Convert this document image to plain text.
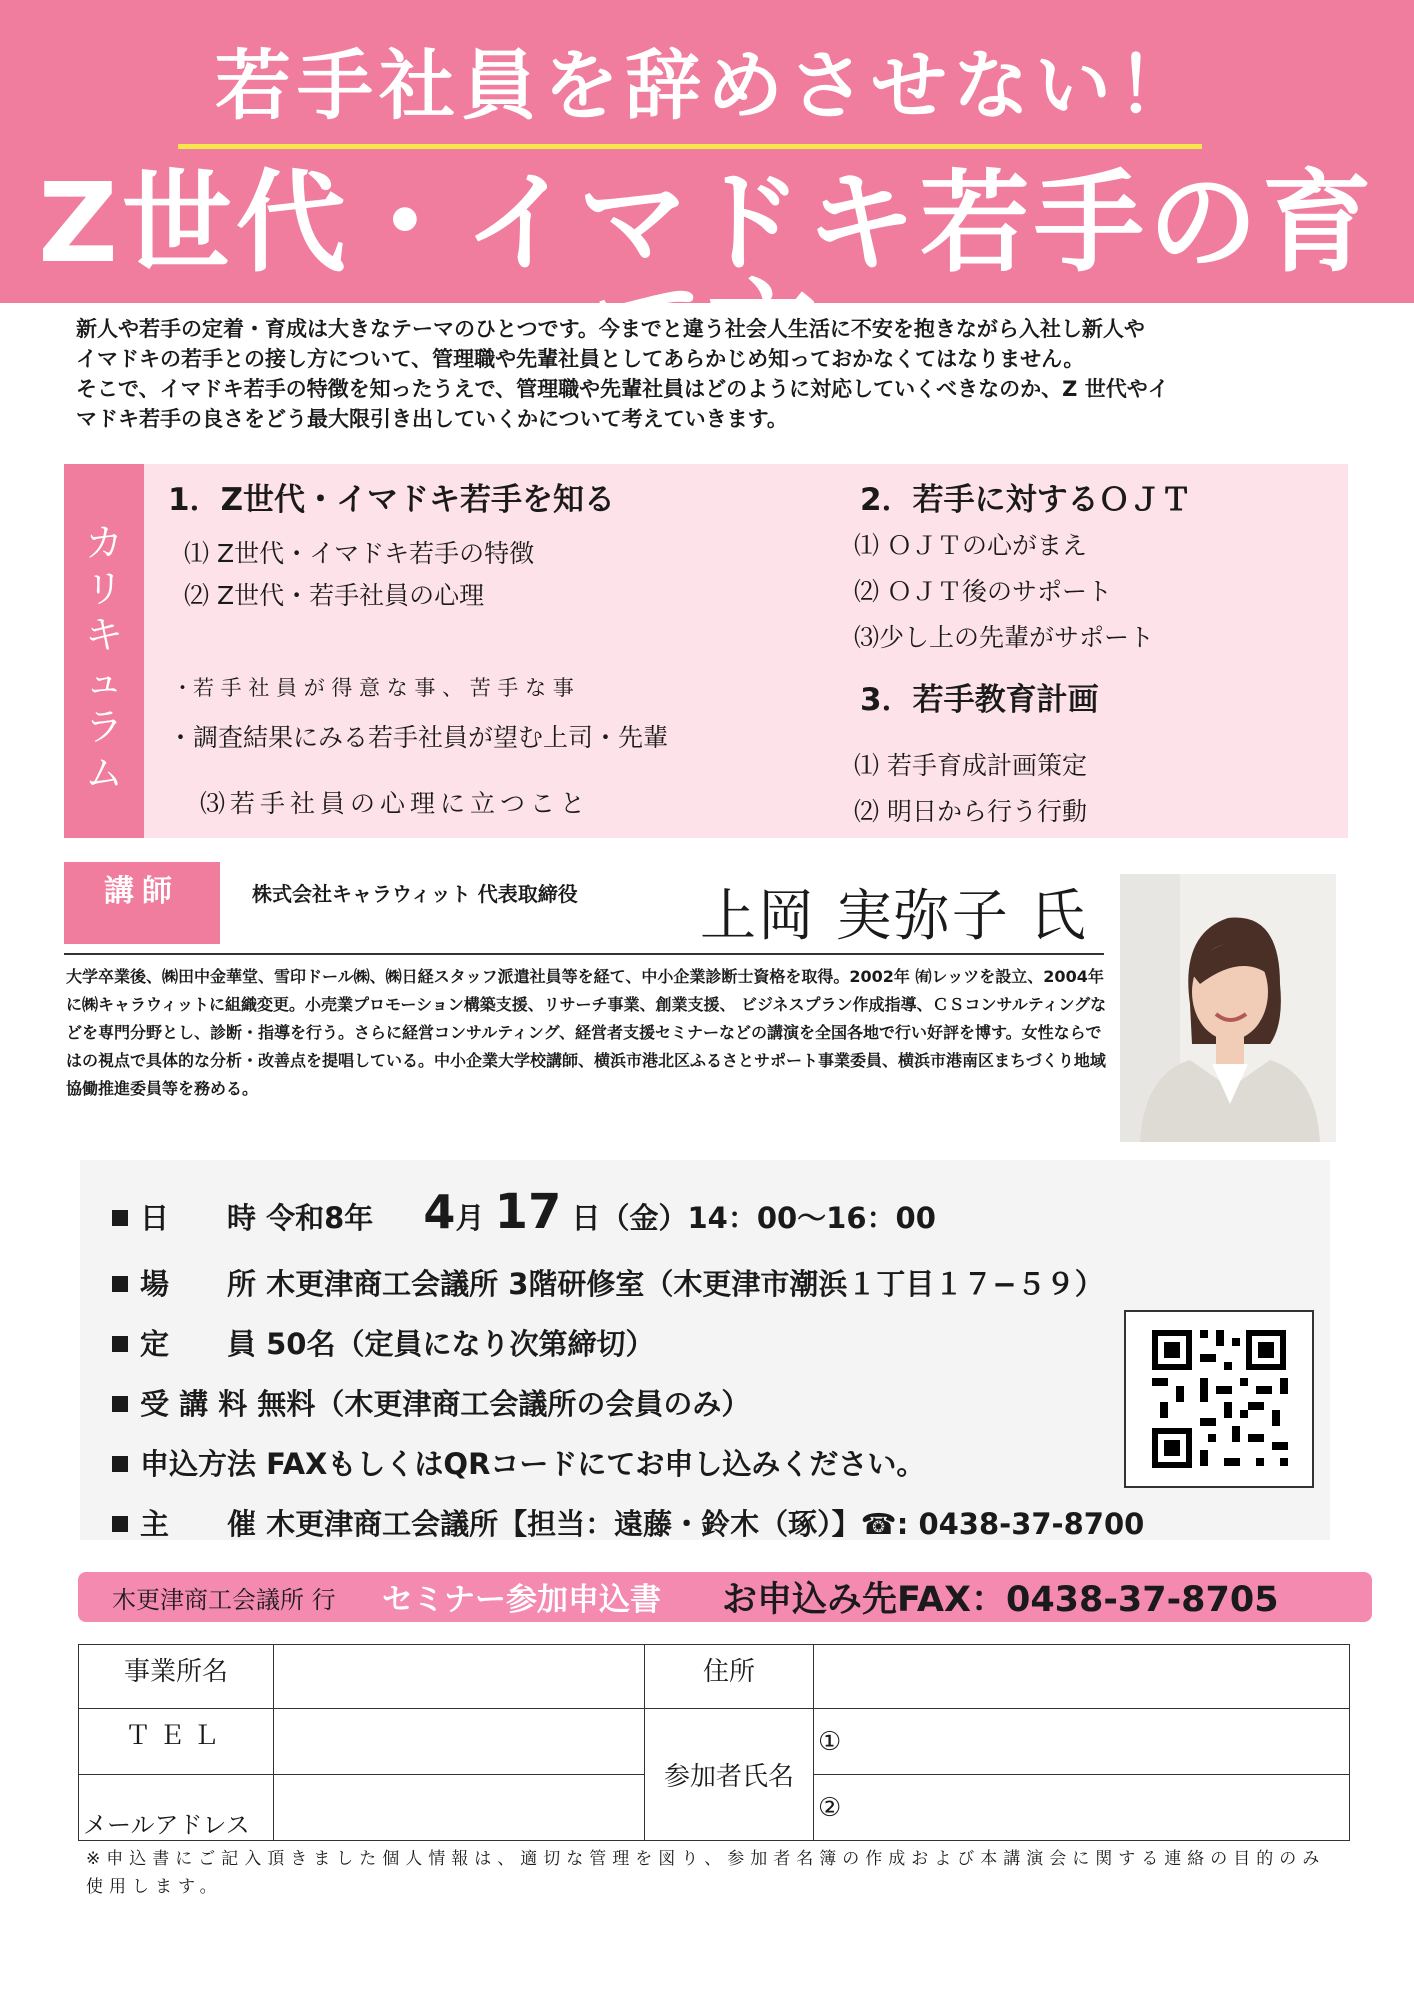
若手社員を辞めさせない！
Z世代・イマドキ若手の育て方

新人や若手の定着・育成は大きなテーマのひとつです。今までと違う社会人生活に不安を抱きながら入社し新人や

イマドキの若手との接し方について、管理職や先輩社員としてあらかじめ知っておかなくてはなりません。

そこで、イマドキ若手の特徴を知ったうえで、管理職や先輩社員はどのように対応していくべきなのか、Z 世代やイ

マドキ若手の良さをどう最大限引き出していくかについて考えていきます。

カ
リ
キ
ュ
ラ
ム
1．Z世代・イマドキ若手を知る
⑴ Z世代・イマドキ若手の特徴
⑵ Z世代・若手社員の心理
・若 手 社 員 が 得 意 な 事 、 苦 手 な 事
・調査結果にみる若手社員が望む上司・先輩
⑶若手社員の心理に立つこと
2．若手に対するＯＪＴ
⑴ ＯＪＴの心がまえ
⑵ ＯＪＴ後のサポート
⑶少し上の先輩がサポート
3．若手教育計画
⑴ 若手育成計画策定
⑵ 明日から行う行動
講師	株式会社キャラウィット 代表取締役 上岡 実弥子 氏
大学卒業後、㈱田中金華堂、雪印ドール㈱、㈱日経スタッフ派遣社員等を経て、中小企業診断士資格を取得。2002年 ㈲レッツを設立、2004年に㈱キャラウィットに組織変更。小売業プロモーション構築支援、リサーチ事業、創業支援、 ビジネスプラン作成指導、ＣＳコンサルティングなどを専門分野とし、診断・指導を行う。さらに経営コンサルティング、経営者支援セミナーなどの講演を全国各地で行い好評を博す。女性ならではの視点で具体的な分析・改善点を提唱している。中小企業大学校講師、横浜市港北区ふるさとサポート事業委員、横浜市港南区まちづくり地域協働推進委員等を務める。
日　　時 令和8年 4月 17 日（金）14：00〜16：00
場　　所 木更津商工会議所 3階研修室（木更津市潮浜１丁目１７−５９）
定　　員 50名（定員になり次第締切）
受 講 料 無料（木更津商工会議所の会員のみ）
申込方法 FAXもしくはQRコードにてお申し込みください。
主　　催 木更津商工会議所【担当：遠藤・鈴木（琢）】☎: 0438-37-8700
木更津商工会議所 行 セミナー参加申込書 お申込み先FAX：0438-37-8705
事業所名		住所	
ＴＥＬ		参加者氏名	①
メールアドレス			②
※申込書にご記入頂きました個人情報は、適切な管理を図り、参加者名簿の作成および本講演会に関する連絡の目的のみ使用します。
